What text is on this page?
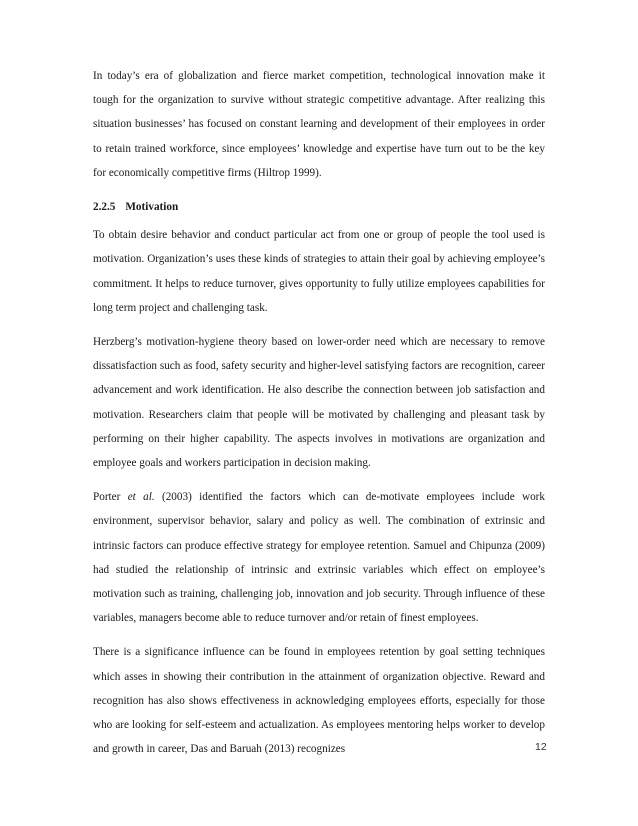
In today’s era of globalization and fierce market competition, technological innovation make it tough for the organization to survive without strategic competitive advantage. After realizing this situation businesses’ has focused on constant learning and development of their employees in order to retain trained workforce, since employees’ knowledge and expertise have turn out to be the key for economically competitive firms (Hiltrop 1999).

2.2.5 Motivation

To obtain desire behavior and conduct particular act from one or group of people the tool used is motivation. Organization’s uses these kinds of strategies to attain their goal by achieving employee’s commitment. It helps to reduce turnover, gives opportunity to fully utilize employees capabilities for long term project and challenging task.

Herzberg’s motivation-hygiene theory based on lower-order need which are necessary to remove dissatisfaction such as food, safety security and higher-level satisfying factors are recognition, career advancement and work identification. He also describe the connection between job satisfaction and motivation. Researchers claim that people will be motivated by challenging and pleasant task by performing on their higher capability. The aspects involves in motivations are organization and employee goals and workers participation in decision making.

Porter et al. (2003) identified the factors which can de-motivate employees include work environment, supervisor behavior, salary and policy as well. The combination of extrinsic and intrinsic factors can produce effective strategy for employee retention. Samuel and Chipunza (2009) had studied the relationship of intrinsic and extrinsic variables which effect on employee’s motivation such as training, challenging job, innovation and job security. Through influence of these variables, managers become able to reduce turnover and/or retain of finest employees.

There is a significance influence can be found in employees retention by goal setting techniques which asses in showing their contribution in the attainment of organization objective. Reward and recognition has also shows effectiveness in acknowledging employees efforts, especially for those who are looking for self-esteem and actualization. As employees mentoring helps worker to develop and growth in career, Das and Baruah (2013) recognizes	12
